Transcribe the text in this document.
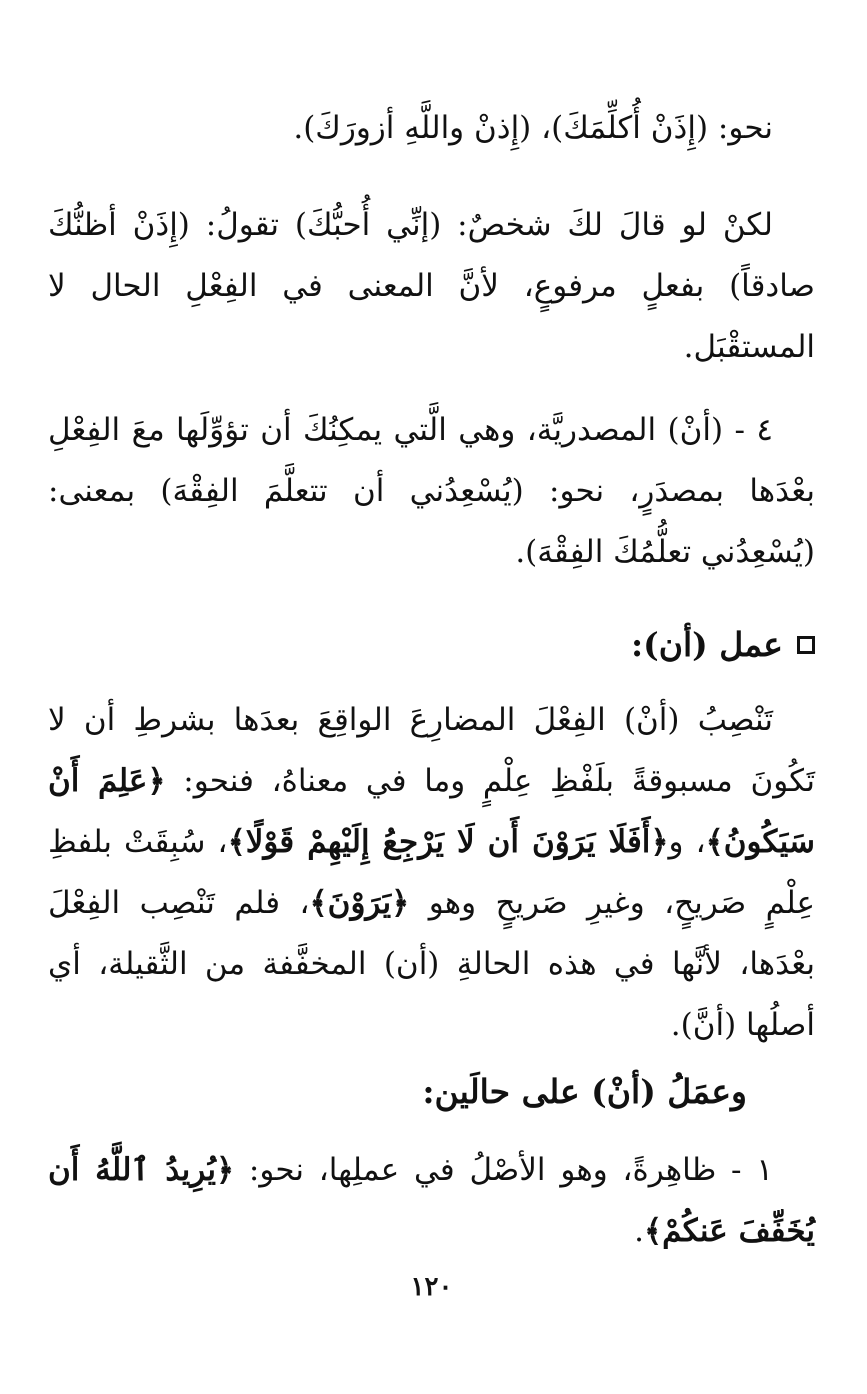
نحو: (إِذَنْ أُكلِّمَكَ)، (إِذنْ واللَّهِ أزورَكَ).

لكنْ لو قالَ لكَ شخصٌ: (إنِّي أُحبُّكَ) تقولُ: (إِذَنْ أظنُّكَ صادقاً) بفعلٍ مرفوعٍ، لأنَّ المعنى في الفِعْلِ الحال لا المستقْبَل.

٤ - (أنْ) المصدريَّة، وهي الَّتي يمكِنُكَ أن تؤوِّلَها معَ الفِعْلِ بعْدَها بمصدَرٍ، نحو: (يُسْعِدُني أن تتعلَّمَ الفِقْهَ) بمعنى: (يُسْعِدُني تعلُّمُكَ الفِقْهَ).

عمل (أن):

تَنْصِبُ (أنْ) الفِعْلَ المضارِعَ الواقِعَ بعدَها بشرطِ أن لا تَكُونَ مسبوقةً بلَفْظِ عِلْمٍ وما في معناهُ، فنحو: ﴿عَلِمَ أَنْ سَيَكُونُ﴾، و﴿أَفَلَا يَرَوْنَ أَن لَا يَرْجِعُ إِلَيْهِمْ قَوْلًا﴾، سُبِقَتْ بلفظِ عِلْمٍ صَريحٍ، وغيرِ صَريحٍ وهو ﴿يَرَوْنَ﴾، فلم تَنْصِب الفِعْلَ بعْدَها، لأنَّها في هذه الحالةِ (أن) المخفَّفة من الثَّقيلة، أي أصلُها (أنَّ).

وعمَلُ (أنْ) على حالَين:

١ - ظاهِرةً، وهو الأصْلُ في عملِها، نحو: ﴿يُرِيدُ ٱللَّهُ أَن يُخَفِّفَ عَنكُمْ﴾.

١٢٠
